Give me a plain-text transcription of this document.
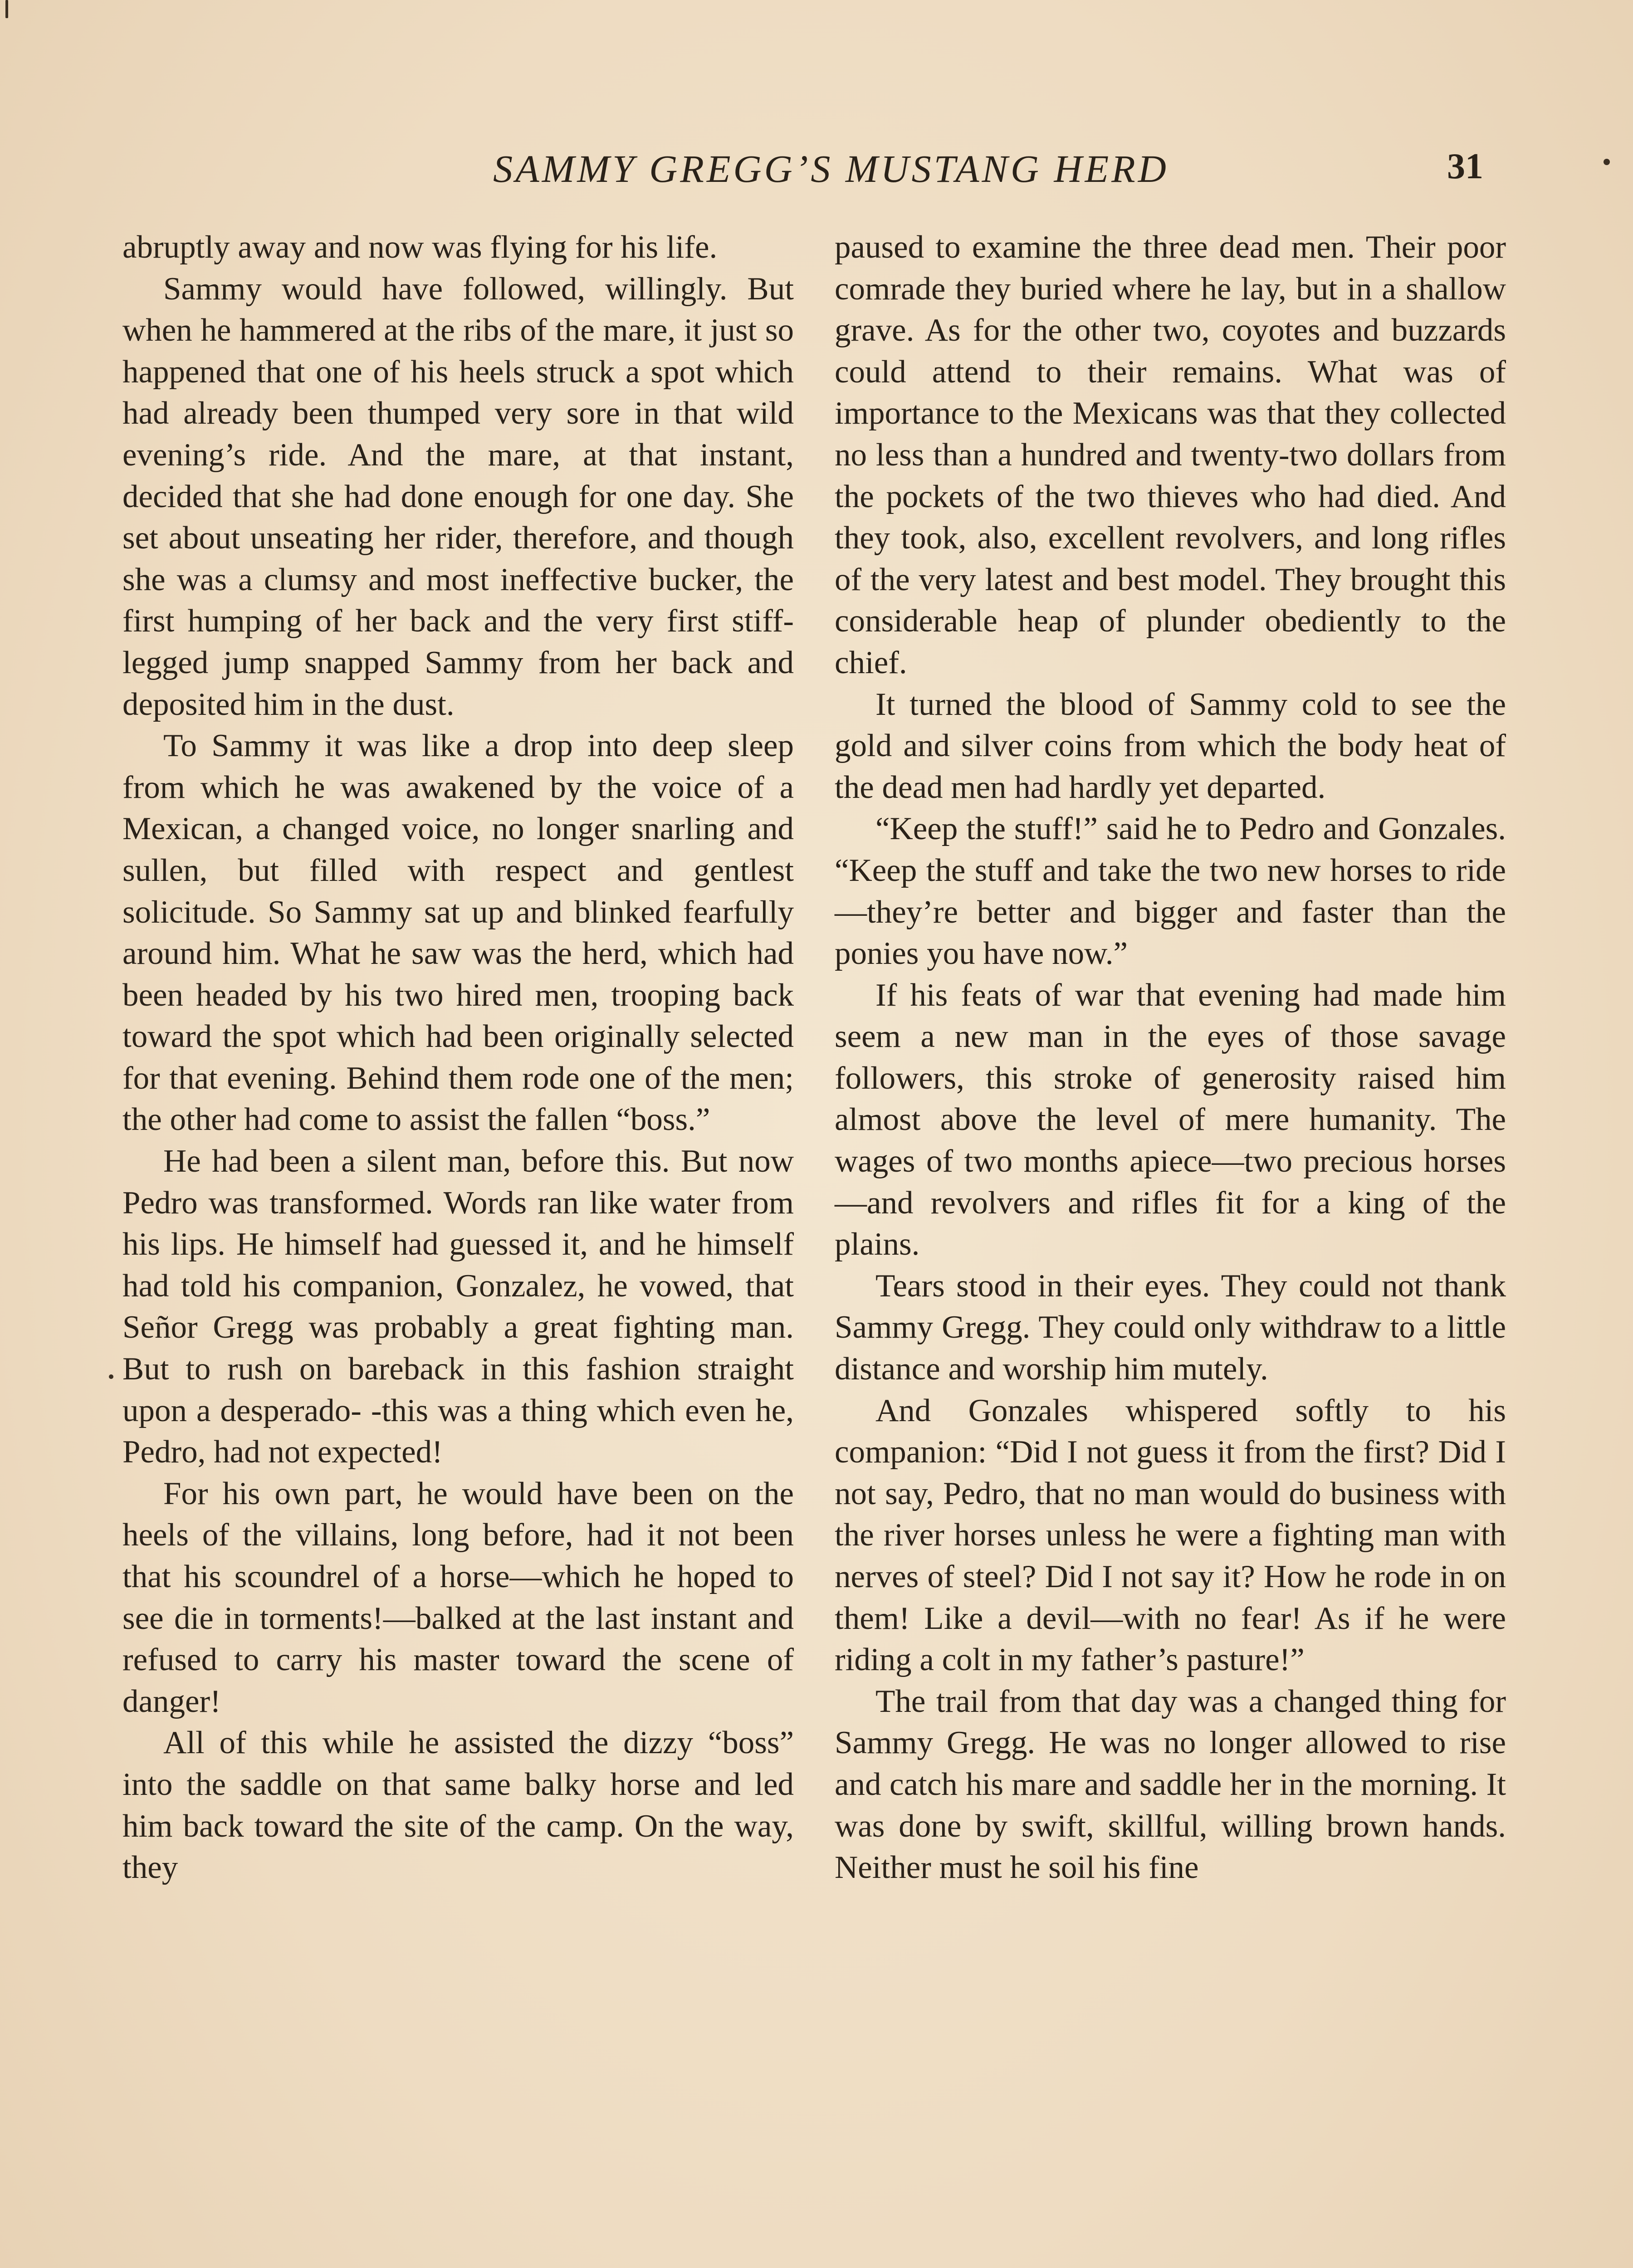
SAMMY GREGG’S MUSTANG HERD	31

abruptly away and now was flying for his life.

Sammy would have followed, willingly. But when he hammered at the ribs of the mare, it just so happened that one of his heels struck a spot which had already been thumped very sore in that wild evening’s ride. And the mare, at that instant, decided that she had done enough for one day. She set about unseating her rider, therefore, and though she was a clumsy and most ineffective bucker, the first humping of her back and the very first stiff-legged jump snapped Sammy from her back and deposited him in the dust.

To Sammy it was like a drop into deep sleep from which he was awakened by the voice of a Mexican, a changed voice, no longer snarling and sullen, but filled with respect and gentlest solicitude. So Sammy sat up and blinked fearfully around him. What he saw was the herd, which had been headed by his two hired men, trooping back toward the spot which had been originally selected for that evening. Behind them rode one of the men; the other had come to assist the fallen “boss.”

He had been a silent man, before this. But now Pedro was transformed. Words ran like water from his lips. He himself had guessed it, and he himself had told his companion, Gonzalez, he vowed, that Señor Gregg was probably a great fighting man. But to rush on bareback in this fashion straight upon a desperado- -this was a thing which even he, Pedro, had not expected!

For his own part, he would have been on the heels of the villains, long before, had it not been that his scoundrel of a horse—which he hoped to see die in torments!—balked at the last instant and refused to carry his master toward the scene of danger!

All of this while he assisted the dizzy “boss” into the saddle on that same balky horse and led him back toward the site of the camp. On the way, they

paused to examine the three dead men. Their poor comrade they buried where he lay, but in a shallow grave. As for the other two, coyotes and buzzards could attend to their remains. What was of importance to the Mexicans was that they collected no less than a hundred and twenty-two dollars from the pockets of the two thieves who had died. And they took, also, excellent revolvers, and long rifles of the very latest and best model. They brought this considerable heap of plunder obediently to the chief.

It turned the blood of Sammy cold to see the gold and silver coins from which the body heat of the dead men had hardly yet departed.

“Keep the stuff!” said he to Pedro and Gonzales. “Keep the stuff and take the two new horses to ride—they’re better and bigger and faster than the ponies you have now.”

If his feats of war that evening had made him seem a new man in the eyes of those savage followers, this stroke of generosity raised him almost above the level of mere humanity. The wages of two months apiece—two precious horses—and revolvers and rifles fit for a king of the plains.

Tears stood in their eyes. They could not thank Sammy Gregg. They could only withdraw to a little distance and worship him mutely.

And Gonzales whispered softly to his companion: “Did I not guess it from the first? Did I not say, Pedro, that no man would do business with the river horses unless he were a fighting man with nerves of steel? Did I not say it? How he rode in on them! Like a devil—with no fear! As if he were riding a colt in my father’s pasture!”

The trail from that day was a changed thing for Sammy Gregg. He was no longer allowed to rise and catch his mare and saddle her in the morning. It was done by swift, skillful, willing brown hands. Neither must he soil his fine
